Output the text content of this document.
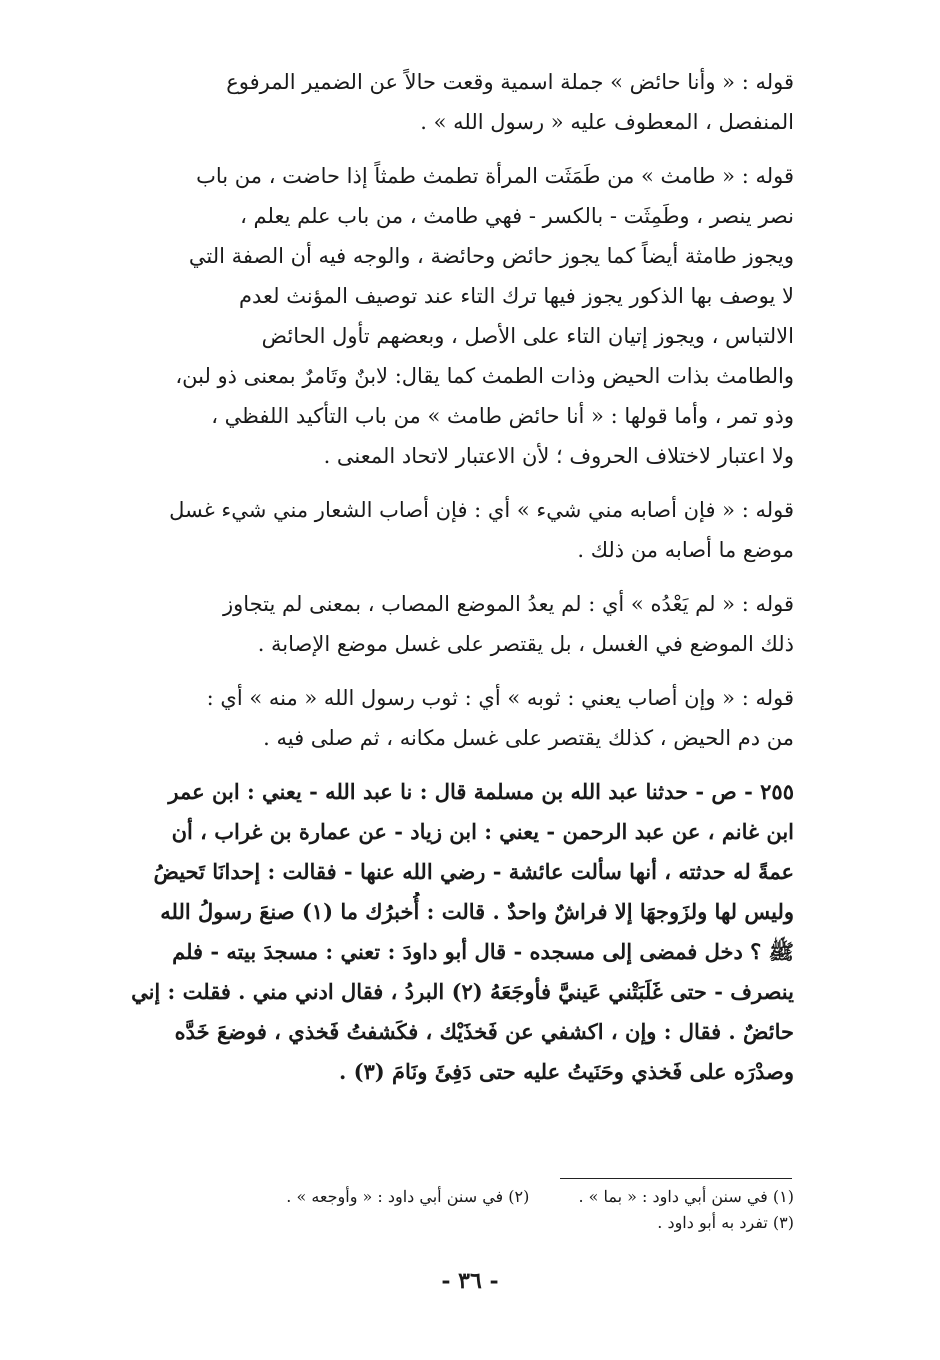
قوله : « وأنا حائض » جملة اسمية وقعت حالاً عن الضمير المرفوع
المنفصل ، المعطوف عليه « رسول الله » .
قوله : « طامث » من طَمَثَت المرأة تطمث طمثاً إذا حاضت ، من باب
نصر ينصر ، وطَمِثَت - بالكسر - فهي طامث ، من باب علم يعلم ،
ويجوز طامثة أيضاً كما يجوز حائض وحائضة ، والوجه فيه أن الصفة التي
لا يوصف بها الذكور يجوز فيها ترك التاء عند توصيف المؤنث لعدم
الالتباس ، ويجوز إتيان التاء على الأصل ، وبعضهم تأول الحائض
والطامث بذات الحيض وذات الطمث كما يقال: لابنٌ وتَامرٌ بمعنى ذو لبن،
وذو تمر ، وأما قولها : « أنا حائض طامث » من باب التأكيد اللفظي ،
ولا اعتبار لاختلاف الحروف ؛ لأن الاعتبار لاتحاد المعنى .
قوله : « فإن أصابه مني شيء » أي : فإن أصاب الشعار مني شيء غسل
موضع ما أصابه من ذلك .
قوله : « لم يَعْدُه » أي : لم يعدُ الموضع المصاب ، بمعنى لم يتجاوز
ذلك الموضع في الغسل ، بل يقتصر على غسل موضع الإصابة .
قوله : « وإن أصاب يعني : ثوبه » أي : ثوب رسول الله « منه » أي :
من دم الحيض ، كذلك يقتصر على غسل مكانه ، ثم صلى فيه .
٢٥٥ - ص - حدثنا عبد الله بن مسلمة قال : نا عبد الله - يعني : ابن عمر
ابن غانم ، عن عبد الرحمن - يعني : ابن زياد - عن عمارة بن غراب ، أن
عمةً له حدثته ، أنها سألت عائشة - رضي الله عنها - فقالت : إحدانَا تَحيضُ
وليس لها ولزَوجهَا إلا فراشٌ واحدٌ . قالت : أُخبرُك ما (١) صنعَ رسولُ الله
ﷺ ؟ دخل فمضى إلى مسجده - قال أبو داودَ : تعني : مسجدَ بيته - فلم
ينصرف - حتى غَلَبَتْني عَينيَّ فأوجَعَهُ (٢) البردُ ، فقال ادني مني . فقلت : إني
حائضٌ . فقال : وإن ، اكشفي عن فَخذَيْك ، فكَشفتُ فَخذي ، فوضعَ خَدَّه
وصدْرَه على فَخذي وحَنَيتُ عليه حتى دَفِئَ ونَامَ (٣) .
(١) في سنن أبي داود : « بما » . (٢) في سنن أبي داود : « وأوجعه » .
(٣) تفرد به أبو داود .
- ٣٦ -
